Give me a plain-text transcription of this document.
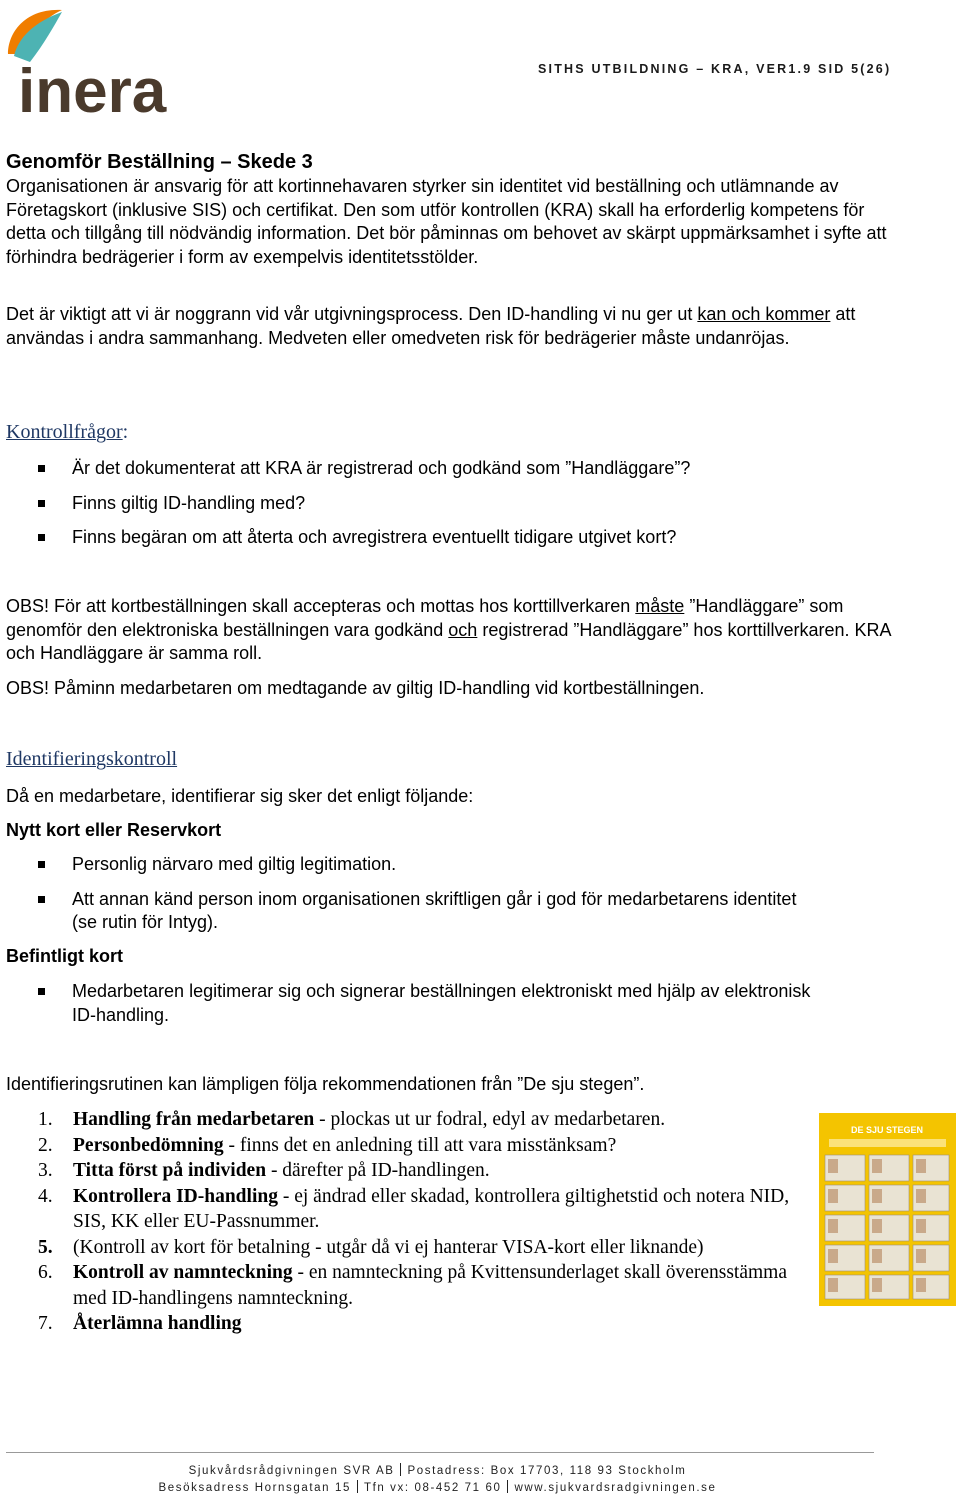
inera	SITHS UTBILDNING – KRA, VER1.9 SID 5(26)
Genomför Beställning – Skede 3
Organisationen är ansvarig för att kortinnehavaren styrker sin identitet vid beställning och utlämnande av Företagskort (inklusive SIS) och certifikat. Den som utför kontrollen (KRA) skall ha erforderlig kompetens för detta och tillgång till nödvändig information. Det bör påminnas om behovet av skärpt uppmärksamhet i syfte att förhindra bedrägerier i form av exempelvis identitetsstölder.
Det är viktigt att vi är noggrann vid vår utgivningsprocess. Den ID-handling vi nu ger ut kan och kommer att användas i andra sammanhang. Medveten eller omedveten risk för bedrägerier måste undanröjas.
Kontrollfrågor:
Är det dokumenterat att KRA är registrerad och godkänd som ”Handläggare”?
Finns giltig ID-handling med?
Finns begäran om att återta och avregistrera eventuellt tidigare utgivet kort?
OBS! För att kortbeställningen skall accepteras och mottas hos korttillverkaren måste ”Handläggare” som genomför den elektroniska beställningen vara godkänd och registrerad ”Handläggare” hos korttillverkaren. KRA och Handläggare är samma roll.
OBS! Påminn medarbetaren om medtagande av giltig ID-handling vid kortbeställningen.
Identifieringskontroll
Då en medarbetare, identifierar sig sker det enligt följande:
Nytt kort eller Reservkort
Personlig närvaro med giltig legitimation.
Att annan känd person inom organisationen skriftligen går i god för medarbetarens identitet (se rutin för Intyg).
Befintligt kort
Medarbetaren legitimerar sig och signerar beställningen elektroniskt med hjälp av elektronisk ID-handling.
Identifieringsrutinen kan lämpligen följa rekommendationen från ”De sju stegen”.
1. Handling från medarbetaren - plockas ut ur fodral, edyl av medarbetaren.
2. Personbedömning - finns det en anledning till att vara misstänksam?
3. Titta först på individen - därefter på ID-handlingen.
4. Kontrollera ID-handling - ej ändrad eller skadad, kontrollera giltighetstid och notera NID, SIS, KK eller EU-Passnummer.
5. (Kontroll av kort för betalning - utgår då vi ej hanterar VISA-kort eller liknande)
6. Kontroll av namnteckning - en namnteckning på Kvittensunderlaget skall överensstämma med ID-handlingens namnteckning.
7. Återlämna handling
DE SJU STEGEN
Sjukvårdsrådgivningen SVR AB Postadress: Box 17703, 118 93 Stockholm
Besöksadress Hornsgatan 15 Tfn vx: 08-452 71 60 www.sjukvardsradgivningen.se
